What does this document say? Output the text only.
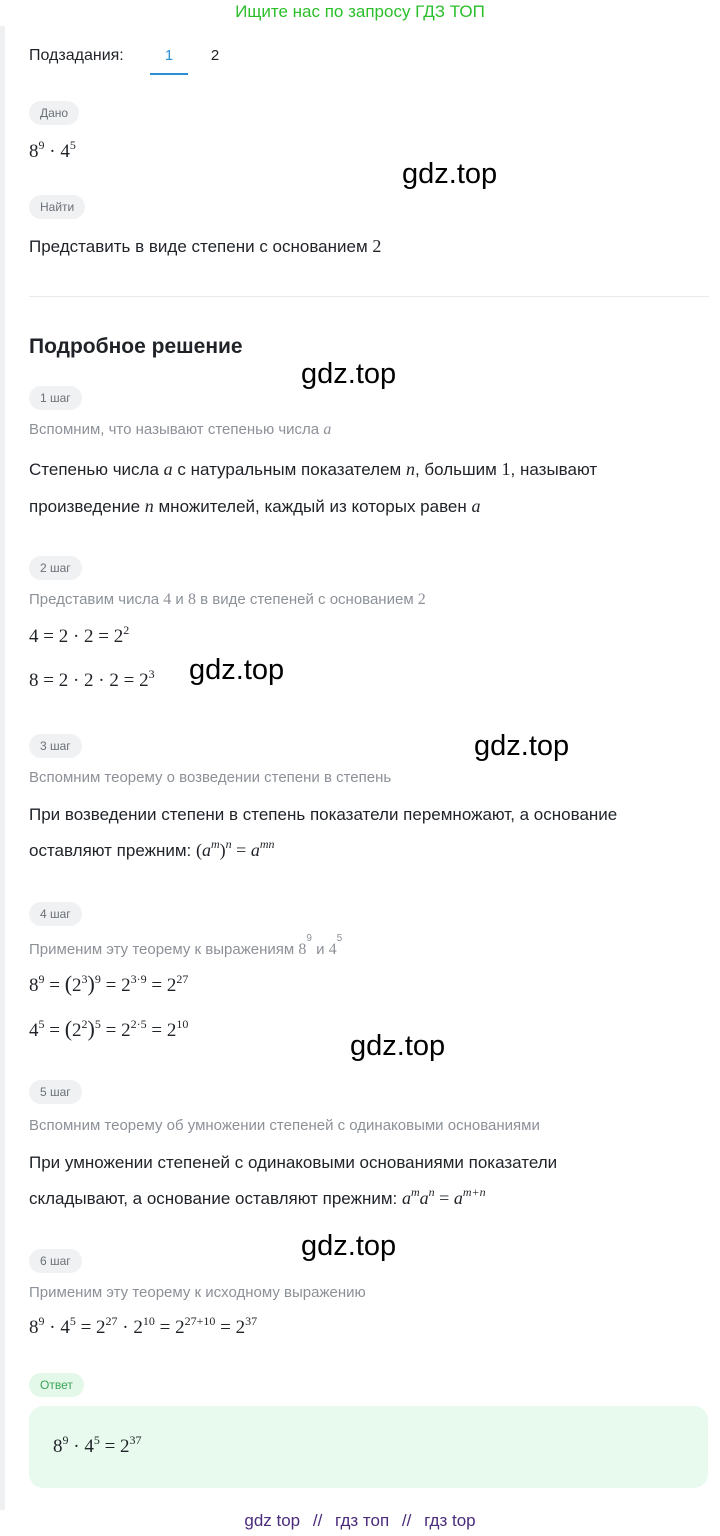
Ищите нас по запросу ГДЗ ТОП
Подзадания:	1	2
Дано
$8^9 \cdot 4^5$
Найти
Представить в виде степени с основанием 2
Подробное решение
1 шаг
Вспомним, что называют степенью числа a
Степенью числа a с натуральным показателем n, большим 1, называют
произведение n множителей, каждый из которых равен a
2 шаг
Представим числа 4 и 8 в виде степеней с основанием 2
$4 = 2 \cdot 2 = 2^2$
$8 = 2 \cdot 2 \cdot 2 = 2^3$
3 шаг
Вспомним теорему о возведении степени в степень
При возведении степени в степень показатели перемножают, а основание
оставляют прежним: $(a^m)^n = a^{mn}$
4 шаг
Применим эту теорему к выражениям $8^9$ и $4^5$
$8^9 = (2^3)^9 = 2^{3\cdot 9} = 2^{27}$
$4^5 = (2^2)^5 = 2^{2\cdot 5} = 2^{10}$
5 шаг
Вспомним теорему об умножении степеней с одинаковыми основаниями
При умножении степеней с одинаковыми основаниями показатели
складывают, а основание оставляют прежним: $a^ma^n = a^{m+n}$
6 шаг
Применим эту теорему к исходному выражению
$8^9 \cdot 4^5 = 2^{27} \cdot 2^{10} = 2^{27+10} = 2^{37}$
Ответ
$8^9 \cdot 4^5 = 2^{37}$
gdz.top
gdz.top
gdz.top
gdz.top
gdz.top
gdz.top
gdz top // гдз топ // гдз top
